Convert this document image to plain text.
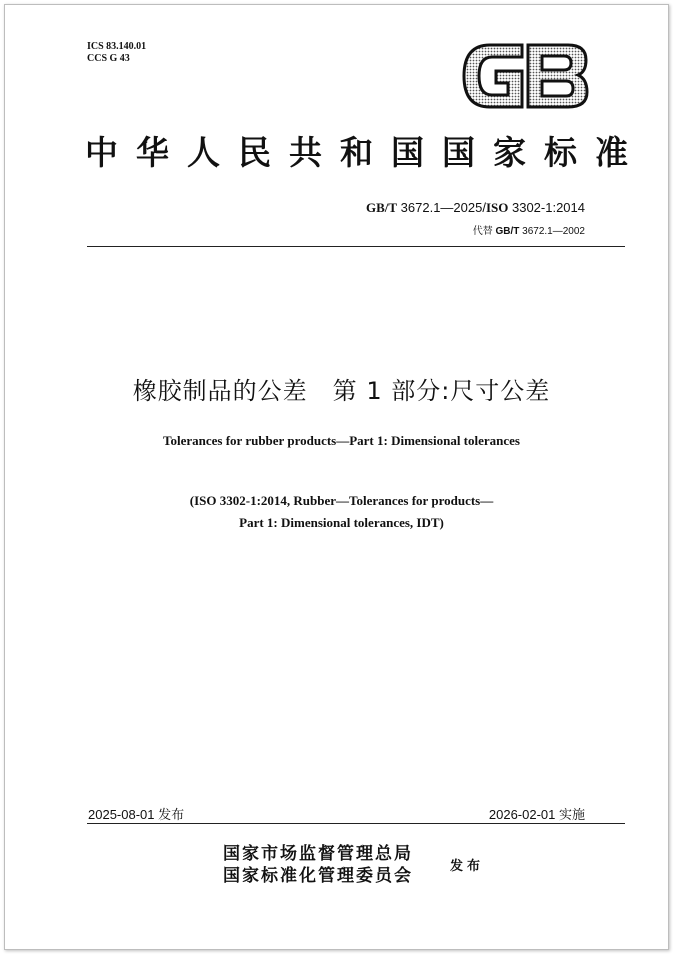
ICS 83.140.01
CCS G 43
中华人民共和国国家标准
GB/T 3672.1—2025/ISO 3302-1:2014
代替 GB/T 3672.1—2002
橡胶制品的公差　第 1 部分:尺寸公差
Tolerances for rubber products—Part 1: Dimensional tolerances
(ISO 3302-1:2014, Rubber—Tolerances for products—
Part 1: Dimensional tolerances, IDT)
2025-08-01 发布	2026-02-01 实施
国家市场监督管理总局
国家标准化管理委员会	发布
